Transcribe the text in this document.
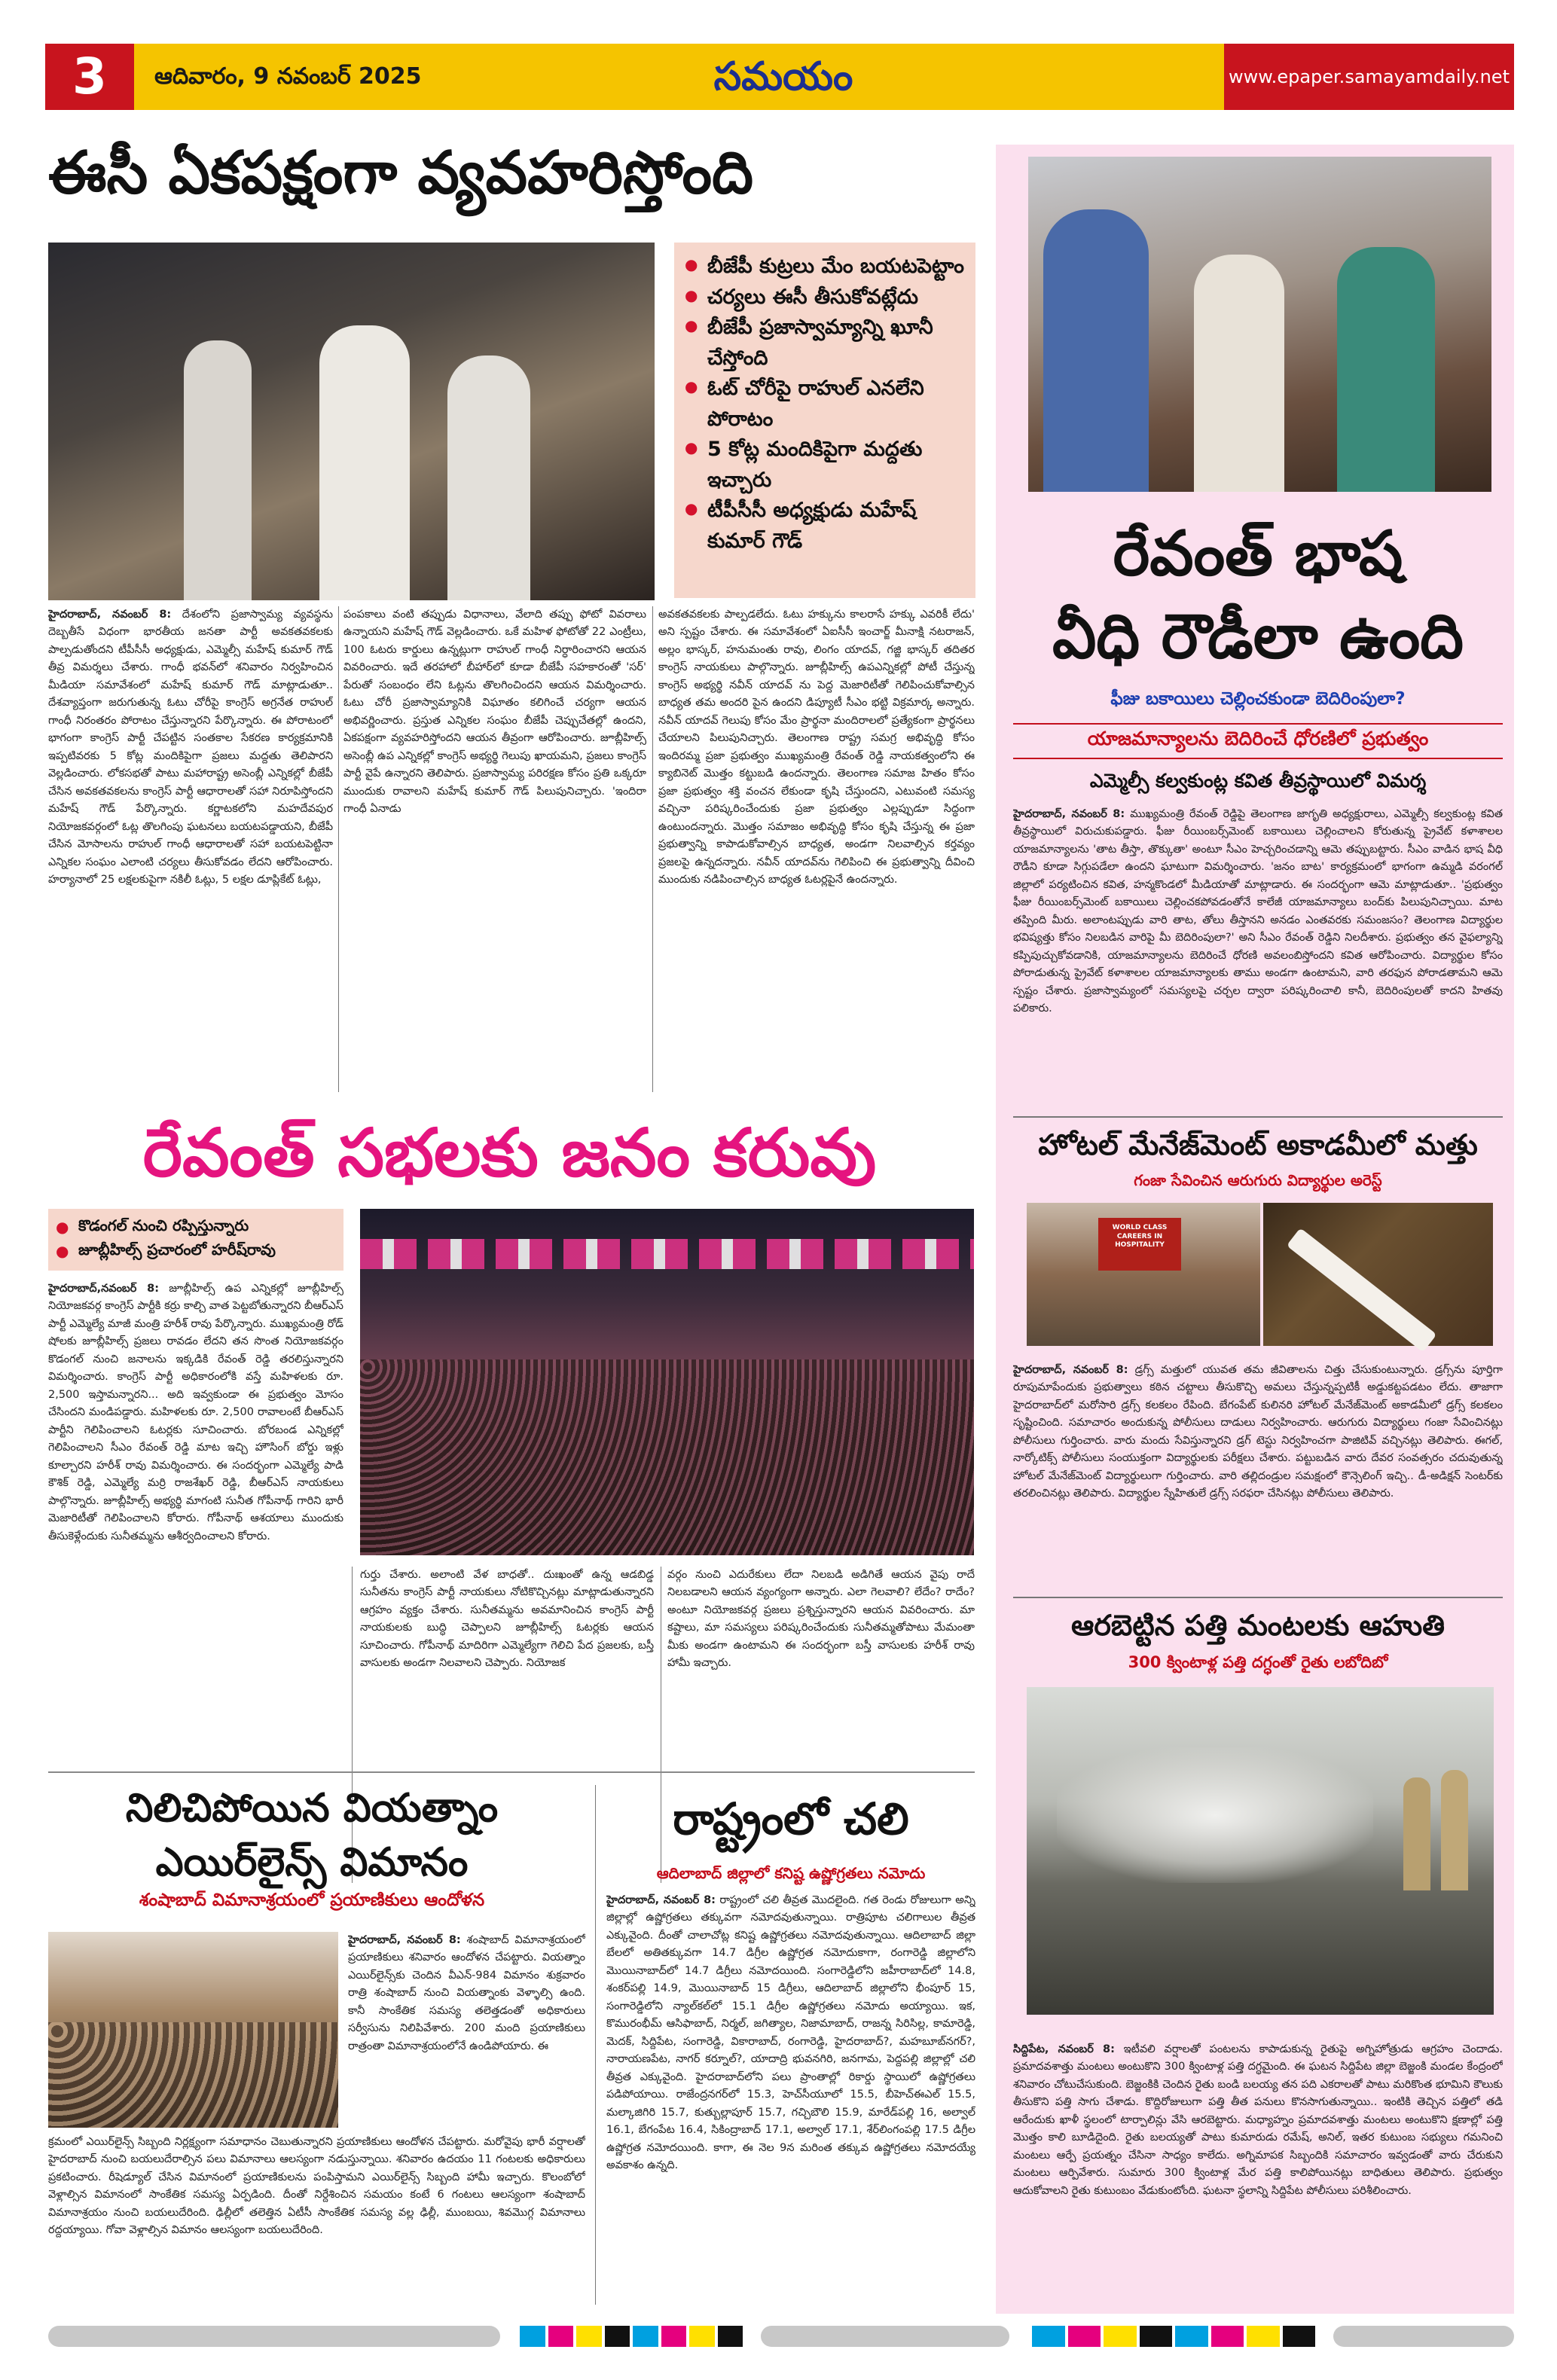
3	ఆదివారం, 9 నవంబర్ 2025	సమయం	www.epaper.samayamdaily.net
ఈసీ ఏకపక్షంగా వ్యవహరిస్తోంది
● బీజేపీ కుట్రలు మేం బయటపెట్టాం
● చర్యలు ఈసీ తీసుకోవట్లేదు
● బీజేపీ ప్రజాస్వామ్యాన్ని ఖూనీ చేస్తోంది
● ఓట్ చోరీపై రాహుల్ ఎనలేని పోరాటం
● 5 కోట్ల మందికిపైగా మద్దతు ఇచ్చారు
● టీపీసీసీ అధ్యక్షుడు మహేష్ కుమార్ గౌడ్

హైదరాబాద్, నవంబర్ 8: దేశంలోని ప్రజాస్వామ్య వ్యవస్థను దెబ్బతీసే విధంగా భారతీయ జనతా పార్టీ అవకతవకలకు పాల్పడుతోందని టీపీసీసీ అధ్యక్షుడు, ఎమ్మెల్సీ మహేష్ కుమార్ గౌడ్ తీవ్ర విమర్శలు చేశారు. గాంధీ భవన్‌లో శనివారం నిర్వహించిన మీడియా సమావేశంలో మహేష్ కుమార్ గౌడ్ మాట్లాడుతూ.. దేశవ్యాప్తంగా జరుగుతున్న ఓటు చోరీపై కాంగ్రెస్ అగ్రనేత రాహుల్ గాంధీ నిరంతరం పోరాటం చేస్తున్నారని పేర్కొన్నారు. ఈ పోరాటంలో భాగంగా కాంగ్రెస్ పార్టీ చేపట్టిన సంతకాల సేకరణ కార్యక్రమానికి ఇప్పటివరకు 5 కోట్ల మందికిపైగా ప్రజలు మద్దతు తెలిపారని వెల్లడించారు. లోకసభతో పాటు మహారాష్ట్ర అసెంబ్లీ ఎన్నికల్లో బీజేపీ చేసిన అవకతవకలను కాంగ్రెస్ పార్టీ ఆధారాలతో సహా నిరూపిస్తోందని మహేష్ గౌడ్ పేర్కొన్నారు. కర్ణాటకలోని మహదేవపుర నియోజకవర్గంలో ఓట్ల తొలగింపు ఘటనలు బయటపడ్డాయని, బీజేపీ చేసిన మోసాలను రాహుల్ గాంధీ ఆధారాలతో సహా బయటపెట్టినా ఎన్నికల సంఘం ఎలాంటి చర్యలు తీసుకోవడం లేదని ఆరోపించారు. హర్యానాలో 25 లక్షలకుపైగా నకిలీ ఓట్లు, 5 లక్షల డూప్లికేట్ ఓట్లు,

పంపకాలు వంటి తప్పుడు విధానాలు, వేలాది తప్పు ఫోటో వివరాలు ఉన్నాయని మహేష్ గౌడ్ వెల్లడించారు. ఒకే మహిళ ఫోటోతో 22 ఎంట్రీలు, 100 ఓటరు కార్డులు ఉన్నట్లుగా రాహుల్ గాంధీ నిర్ధారించారని ఆయన వివరించారు. ఇదే తరహాలో బీహార్‌లో కూడా బీజేపీ సహకారంతో 'సర్' పేరుతో సంబంధం లేని ఓట్లను తొలగించిందని ఆయన విమర్శించారు. ఓటు చోరీ ప్రజాస్వామ్యానికి విఘాతం కలిగించే చర్యగా ఆయన అభివర్ణించారు. ప్రస్తుత ఎన్నికల సంఘం బీజేపీ చెప్పుచేతల్లో ఉందని, ఏకపక్షంగా వ్యవహరిస్తోందని ఆయన తీవ్రంగా ఆరోపించారు. జూబ్లీహిల్స్ అసెంబ్లీ ఉప ఎన్నికల్లో కాంగ్రెస్ అభ్యర్థి గెలుపు ఖాయమని, ప్రజలు కాంగ్రెస్ పార్టీ వైపే ఉన్నారని తెలిపారు. ప్రజాస్వామ్య పరిరక్షణ కోసం ప్రతి ఒక్కరూ ముందుకు రావాలని మహేష్ కుమార్ గౌడ్ పిలుపునిచ్చారు. 'ఇందిరా గాంధీ ఏనాడు

అవకతవకలకు పాల్పడలేదు. ఓటు హక్కును కాలరాసే హక్కు ఎవరికీ లేదు' అని స్పష్టం చేశారు. ఈ సమావేశంలో ఏఐసీసీ ఇంచార్జ్ మీనాక్షి నటరాజన్, అల్లం భాస్కర్, హనుమంతు రావు, లింగం యాదవ్, గజ్జి భాస్కర్ తదితర కాంగ్రెస్ నాయకులు పాల్గొన్నారు. జూబ్లీహిల్స్ ఉపఎన్నికల్లో పోటీ చేస్తున్న కాంగ్రెస్ అభ్యర్థి నవీన్ యాదవ్ ను పెద్ద మెజారిటీతో గెలిపించుకోవాల్సిన బాధ్యత తమ అందరి పైన ఉందని డిప్యూటీ సీఎం భట్టి విక్రమార్క అన్నారు. నవీన్ యాదవ్ గెలుపు కోసం మేం ప్రార్థనా మందిరాలలో ప్రత్యేకంగా ప్రార్థనలు చేయాలని పిలుపునిచ్చారు. తెలంగాణ రాష్ట్ర సమగ్ర అభివృద్ధి కోసం ఇందిరమ్మ ప్రజా ప్రభుత్వం ముఖ్యమంత్రి రేవంత్ రెడ్డి నాయకత్వంలోని ఈ క్యాబినెట్ మొత్తం కట్టుబడి ఉందన్నారు. తెలంగాణ సమాజ హితం కోసం ప్రజా ప్రభుత్వం శక్తి వంచన లేకుండా కృషి చేస్తుందని, ఎటువంటి సమస్య వచ్చినా పరిష్కరించేందుకు ప్రజా ప్రభుత్వం ఎల్లప్పుడూ సిద్ధంగా ఉంటుందన్నారు. మొత్తం సమాజం అభివృద్ధి కోసం కృషి చేస్తున్న ఈ ప్రజా ప్రభుత్వాన్ని కాపాడుకోవాల్సిన బాధ్యత, అండగా నిలవాల్సిన కర్తవ్యం ప్రజలపై ఉన్నదన్నారు. నవీన్ యాదవ్‌ను గెలిపించి ఈ ప్రభుత్వాన్ని దీవించి ముందుకు నడిపించాల్సిన బాధ్యత ఓటర్లపైనే ఉందన్నారు.

రేవంత్ సభలకు జనం కరువు
● కొడంగల్ నుంచి రప్పిస్తున్నారు
● జూబ్లీహిల్స్ ప్రచారంలో హరీష్‌రావు

హైదరాబాద్,నవంబర్ 8: జూబ్లీహిల్స్ ఉప ఎన్నికల్లో జూబ్లీహిల్స్ నియోజకవర్గ కాంగ్రెస్ పార్టీకి కర్రు కాల్చి వాత పెట్టబోతున్నారని బీఆర్ఎస్ పార్టీ ఎమ్మెల్యే మాజీ మంత్రి హరీశ్ రావు పేర్కొన్నారు. ముఖ్యమంత్రి రోడ్ షోలకు జూబ్లీహిల్స్ ప్రజలు రావడం లేదని తన సొంత నియోజకవర్గం కొడంగల్ నుంచి జనాలను ఇక్కడికి రేవంత్ రెడ్డి తరలిస్తున్నారని విమర్శించారు. కాంగ్రెస్ పార్టీ అధికారంలోకి వస్తే మహిళలకు రూ. 2,500 ఇస్తామన్నారని... అది ఇవ్వకుండా ఈ ప్రభుత్వం మోసం చేసిందని మండిపడ్డారు. మహిళలకు రూ. 2,500 రావాలంటే బీఆర్ఎస్ పార్టీని గెలిపించాలని ఓటర్లకు సూచించారు. బోరబండ ఎన్నికల్లో గెలిపించాలని సీఎం రేవంత్ రెడ్డి మాట ఇచ్చి హౌసింగ్ బోర్డు ఇళ్లు కూల్చారని హరీశ్ రావు విమర్శించారు. ఈ సందర్భంగా ఎమ్మెల్యే పాడి కౌశిక్ రెడ్డి, ఎమ్మెల్యే మర్రి రాజశేఖర్ రెడ్డి, బీఆర్ఎస్ నాయకులు పాల్గొన్నారు. జూబ్లీహిల్స్ అభ్యర్థి మాగంటి సునీత గోపీనాథ్ గారిని భారీ మెజారిటీతో గెలిపించాలని కోరారు. గోపీనాథ్ ఆశయాలు ముందుకు తీసుకెళ్లేందుకు సునీతమ్మను ఆశీర్వదించాలని కోరారు.

గుర్తు చేశారు. అలాంటి వేళ బాధతో.. దుఃఖంతో ఉన్న ఆడబిడ్డ సునీతను కాంగ్రెస్ పార్టీ నాయకులు నోటికొచ్చినట్లు మాట్లాడుతున్నారని ఆగ్రహం వ్యక్తం చేశారు. సునీతమ్మను అవమానించిన కాంగ్రెస్ పార్టీ నాయకులకు బుద్ధి చెప్పాలని జూబ్లీహిల్స్ ఓటర్లకు ఆయన సూచించారు. గోపీనాథ్ మాదిరిగా ఎమ్మెల్యేగా గెలిచి పేద ప్రజలకు, బస్తీ వాసులకు అండగా నిలవాలని చెప్పారు. నియోజక

వర్గం నుంచి ఎదురేకులు లేదా నిలబడి అడిగితే ఆయన వైపు రాదే నిలబడాలని ఆయన వ్యంగ్యంగా అన్నారు. ఎలా గెలవాలి? లేదేం? రాదేం? అంటూ నియోజకవర్గ ప్రజలు ప్రశ్నిస్తున్నారని ఆయన వివరించారు. మా కష్టాలు, మా సమస్యలు పరిష్కరించేందుకు సునీతమ్మతోపాటు మేమంతా మీకు అండగా ఉంటామని ఈ సందర్భంగా బస్తీ వాసులకు హరీశ్ రావు హామీ ఇచ్చారు.

రేవంత్ భాష
వీధి రౌడీలా ఉంది
ఫీజు బకాయిలు చెల్లించకుండా బెదిరింపులా?
యాజమాన్యాలను బెదిరించే ధోరణిలో ప్రభుత్వం
ఎమ్మెల్సీ కల్వకుంట్ల కవిత తీవ్రస్థాయిలో విమర్శ

హైదరాబాద్, నవంబర్ 8: ముఖ్యమంత్రి రేవంత్ రెడ్డిపై తెలంగాణ జాగృతి అధ్యక్షురాలు, ఎమ్మెల్సీ కల్వకుంట్ల కవిత తీవ్రస్థాయిలో విరుచుకుపడ్డారు. ఫీజు రీయింబర్స్‌మెంట్ బకాయిలు చెల్లించాలని కోరుతున్న ప్రైవేట్ కళాశాలల యాజమాన్యాలను 'తాట తీస్తా, తొక్కుతా' అంటూ సీఎం హెచ్చరించడాన్ని ఆమె తప్పుబట్టారు. సీఎం వాడిన భాష వీధి రౌడీని కూడా సిగ్గుపడేలా ఉందని ఘాటుగా విమర్శించారు. 'జనం బాట' కార్యక్రమంలో భాగంగా ఉమ్మడి వరంగల్ జిల్లాలో పర్యటించిన కవిత, హన్మకొండలో మీడియాతో మాట్లాడారు. ఈ సందర్భంగా ఆమె మాట్లాడుతూ.. 'ప్రభుత్వం ఫీజు రీయింబర్స్‌మెంట్ బకాయిలు చెల్లించకపోవడంతోనే కాలేజీ యాజమాన్యాలు బంద్‌కు పిలుపునిచ్చాయి. మాట తప్పింది మీరు. అలాంటప్పుడు వారి తాట, తోలు తీస్తానని అనడం ఎంతవరకు సమంజసం? తెలంగాణ విద్యార్థుల భవిష్యత్తు కోసం నిలబడిన వారిపై మీ బెదిరింపులా?' అని సీఎం రేవంత్ రెడ్డిని నిలదీశారు. ప్రభుత్వం తన వైఫల్యాన్ని కప్పిపుచ్చుకోవడానికి, యాజమాన్యాలను బెదిరించే ధోరణి అవలంబిస్తోందని కవిత ఆరోపించారు. విద్యార్థుల కోసం పోరాడుతున్న ప్రైవేట్ కళాశాలల యాజమాన్యాలకు తాము అండగా ఉంటామని, వారి తరఫున పోరాడతామని ఆమె స్పష్టం చేశారు. ప్రజాస్వామ్యంలో సమస్యలపై చర్చల ద్వారా పరిష్కరించాలి కానీ, బెదిరింపులతో కాదని హితవు పలికారు.

హోటల్ మేనేజ్‌మెంట్ అకాడమీలో మత్తు
గంజా సేవించిన ఆరుగురు విద్యార్థుల అరెస్ట్
WORLD CLASS CAREERS IN HOSPITALITY

హైదరాబాద్, నవంబర్ 8: డ్రగ్స్ మత్తులో యువత తమ జీవితాలను చిత్తు చేసుకుంటున్నారు. డ్రగ్స్‌ను పూర్తిగా రూపుమాపేందుకు ప్రభుత్వాలు కఠిన చట్టాలు తీసుకొచ్చి అమలు చేస్తున్నప్పటికీ అడ్డుకట్టపడటం లేదు. తాజాగా హైదరాబాద్‌లో మరోసారి డ్రగ్స్ కలకలం రేపింది. బేగంపేట్ కులినరి హోటల్ మేనేజ్‌మెంట్ అకాడమీలో డ్రగ్స్ కలకలం సృష్టించింది. సమాచారం అందుకున్న పోలీసులు దాడులు నిర్వహించారు. ఆరుగురు విద్యార్థులు గంజా సేవించినట్లు పోలీసులు గుర్తించారు. వారు మందు సేవిస్తున్నారని డ్రగ్ టెస్టు నిర్వహించగా పాజిటివ్ వచ్చినట్లు తెలిపారు. ఈగల్, నార్కోటిక్స్ పోలీసులు సంయుక్తంగా విద్యార్థులకు పరీక్షలు చేశారు. పట్టుబడిన వారు దేవర సంవత్సరం చదువుతున్న హోటల్ మేనేజ్‌మెంట్ విద్యార్థులుగా గుర్తించారు. వారి తల్లిదండ్రుల సమక్షంలో కౌన్సెలింగ్ ఇచ్చి.. డీ-అడిక్షన్ సెంటర్‌కు తరలించినట్లు తెలిపారు. విద్యార్థుల స్నేహితులే డ్రగ్స్ సరఫరా చేసినట్లు పోలీసులు తెలిపారు.

ఆరబెట్టిన పత్తి మంటలకు ఆహుతి
300 క్వింటాళ్ల పత్తి దగ్ధంతో రైతు లబోదిబో

సిద్దిపేట, నవంబర్ 8: ఇటీవలి వర్షాలతో పంటలను కాపాడుకున్న రైతుపై అగ్నిహోత్రుడు ఆగ్రహం చెందాడు. ప్రమాదవశాత్తు మంటలు అంటుకొని 300 క్వింటాళ్ల పత్తి దగ్ధమైంది. ఈ ఘటన సిద్దిపేట జిల్లా బెజ్జంకి మండల కేంద్రంలో శనివారం చోటుచేసుకుంది. బెజ్జంకికి చెందిన రైతు బండి బలయ్య తన పది ఎకరాలతో పాటు మరికొంత భూమిని కౌలుకు తీసుకొని పత్తి సాగు చేశాడు. కొద్దిరోజులుగా పత్తి తీత పనులు కొనసాగుతున్నాయి.. ఇంటికి తెచ్చిన పత్తిలో తడి ఆరేందుకు ఖాళీ స్థలంలో టార్పాలిన్లు వేసి ఆరబెట్టారు. మధ్యాహ్నం ప్రమాదవశాత్తు మంటలు అంటుకొని క్షణాల్లో పత్తి మొత్తం కాలి బూడిదైంది. రైతు బలయ్యతో పాటు కుమారుడు రమేష్, అనిల్, ఇతర కుటుంబ సభ్యులు గమనించి మంటలు ఆర్పే ప్రయత్నం చేసినా సాధ్యం కాలేదు. అగ్నిమాపక సిబ్బందికి సమాచారం ఇవ్వడంతో వారు చేరుకుని మంటలు ఆర్పివేశారు. సుమారు 300 క్వింటాళ్ల మేర పత్తి కాలిపోయినట్లు బాధితులు తెలిపారు. ప్రభుత్వం ఆదుకోవాలని రైతు కుటుంబం వేడుకుంటోంది. ఘటనా స్థలాన్ని సిద్దిపేట పోలీసులు పరిశీలించారు.

నిలిచిపోయిన వియత్నాం
ఎయిర్‌లైన్స్ విమానం
శంషాబాద్ విమానాశ్రయంలో ప్రయాణికులు ఆందోళన

హైదరాబాద్, నవంబర్ 8: శంషాబాద్ విమానాశ్రయంలో ప్రయాణికులు శనివారం ఆందోళన చేపట్టారు. వియత్నాం ఎయిర్‌లైన్స్‌కు చెందిన వీఎన్-984 విమానం శుక్రవారం రాత్రి శంషాబాద్ నుంచి వియత్నాంకు వెళ్ళాల్సి ఉంది. కానీ సాంకేతిక సమస్య తలెత్తడంతో అధికారులు సర్వీసును నిలిపివేశారు. 200 మంది ప్రయాణికులు రాత్రంతా విమానాశ్రయంలోనే ఉండిపోయారు. ఈ

క్రమంలో ఎయిర్‌లైన్స్ సిబ్బంది నిర్లక్ష్యంగా సమాధానం చెబుతున్నారని ప్రయాణికులు ఆందోళన చేపట్టారు. మరోవైపు భారీ వర్షాలతో హైదరాబాద్ నుంచి బయలుదేరాల్సిన పలు విమానాలు ఆలస్యంగా నడుస్తున్నాయి. శనివారం ఉదయం 11 గంటలకు అధికారులు ప్రకటించారు. రీషెడ్యూల్ చేసిన విమానంలో ప్రయాణికులను పంపిస్తామని ఎయిర్‌లైన్స్ సిబ్బంది హామీ ఇచ్చారు. కొలంబోలో వెళ్లాల్సిన విమానంలో సాంకేతిక సమస్య ఏర్పడింది. దీంతో నిర్దేశించిన సమయం కంటే 6 గంటలు ఆలస్యంగా శంషాబాద్ విమానాశ్రయం నుంచి బయలుదేరింది. ఢిల్లీలో తలెత్తిన ఏటీసీ సాంకేతిక సమస్య వల్ల ఢిల్లీ, ముంబయి, శివమొగ్గ విమానాలు రద్దయ్యాయి. గోవా వెళ్లాల్సిన విమానం ఆలస్యంగా బయలుదేరింది.

రాష్ట్రంలో చలి
ఆదిలాబాద్ జిల్లాలో కనిష్ట ఉష్ణోగ్రతలు నమోదు

హైదరాబాద్, నవంబర్ 8: రాష్ట్రంలో చలి తీవ్రత మొదలైంది. గత రెండు రోజులుగా అన్ని జిల్లాల్లో ఉష్ణోగ్రతలు తక్కువగా నమోదవుతున్నాయి. రాత్రిపూట చలిగాలుల తీవ్రత ఎక్కువైంది. దీంతో చాలాచోట్ల కనిష్ట ఉష్ణోగ్రతలు నమోదవుతున్నాయి. ఆదిలాబాద్ జిల్లా బేలలో అతితక్కువగా 14.7 డిగ్రీల ఉష్ణోగ్రత నమోదుకాగా, రంగారెడ్డి జిల్లాలోని మొయినాబాద్‌లో 14.7 డిగ్రీలు నమోదయింది. సంగారెడ్డిలోని జహీరాబాద్‌లో 14.8, శంకర్‌పల్లి 14.9, మొయినాబాద్ 15 డిగ్రీలు, ఆదిలాబాద్ జిల్లాలోని భీంపూర్‌ 15, సంగారెడ్డిలోని న్యాల్‌కల్‌లో 15.1 డిగ్రీల ఉష్ణోగ్రతలు నమోదు అయ్యాయి. ఇక, కొమురంభీమ్ ఆసిఫాబాద్, నిర్మల్, జగిత్యాల, నిజామాబాద్, రాజన్న సిరిసిల్ల, కామారెడ్డి, మెదక్, సిద్దిపేట, సంగారెడ్డి, వికారాబాద్, రంగారెడ్డి, హైదరాబాద్?, మహబూబ్‌నగర్?, నారాయణపేట, నాగర్ కర్నూల్?, యాదాద్రి భువనగిరి, జనగామ, పెద్దపల్లి జిల్లాల్లో చలి తీవ్రత ఎక్కువైంది. హైదరాబాద్‌లోని పలు ప్రాంతాల్లో రికార్డు స్థాయిలో ఉష్ణోగ్రతలు పడిపోయాయి. రాజేంద్రనగర్‌లో 15.3, హెచ్‌సీయూలో 15.5, బీహెచ్‌ఈఎల్‌ 15.5, మల్కాజిగిరి 15.7, కుత్బుల్లాపూర్ 15.7, గచ్చిబౌలి 15.9, మారేడ్‌పల్లి 16, అల్వాల్ 16.1, బేగంపేట 16.4, సికింద్రాబాద్ 17.1, అల్వాల్ 17.1, శేర్‌లింగంపల్లి 17.5 డిగ్రీల ఉష్ణోగ్రత నమోదయింది. కాగా, ఈ నెల 9న మరింత తక్కువ ఉష్ణోగ్రతలు నమోదయ్యే అవకాశం ఉన్నది.
